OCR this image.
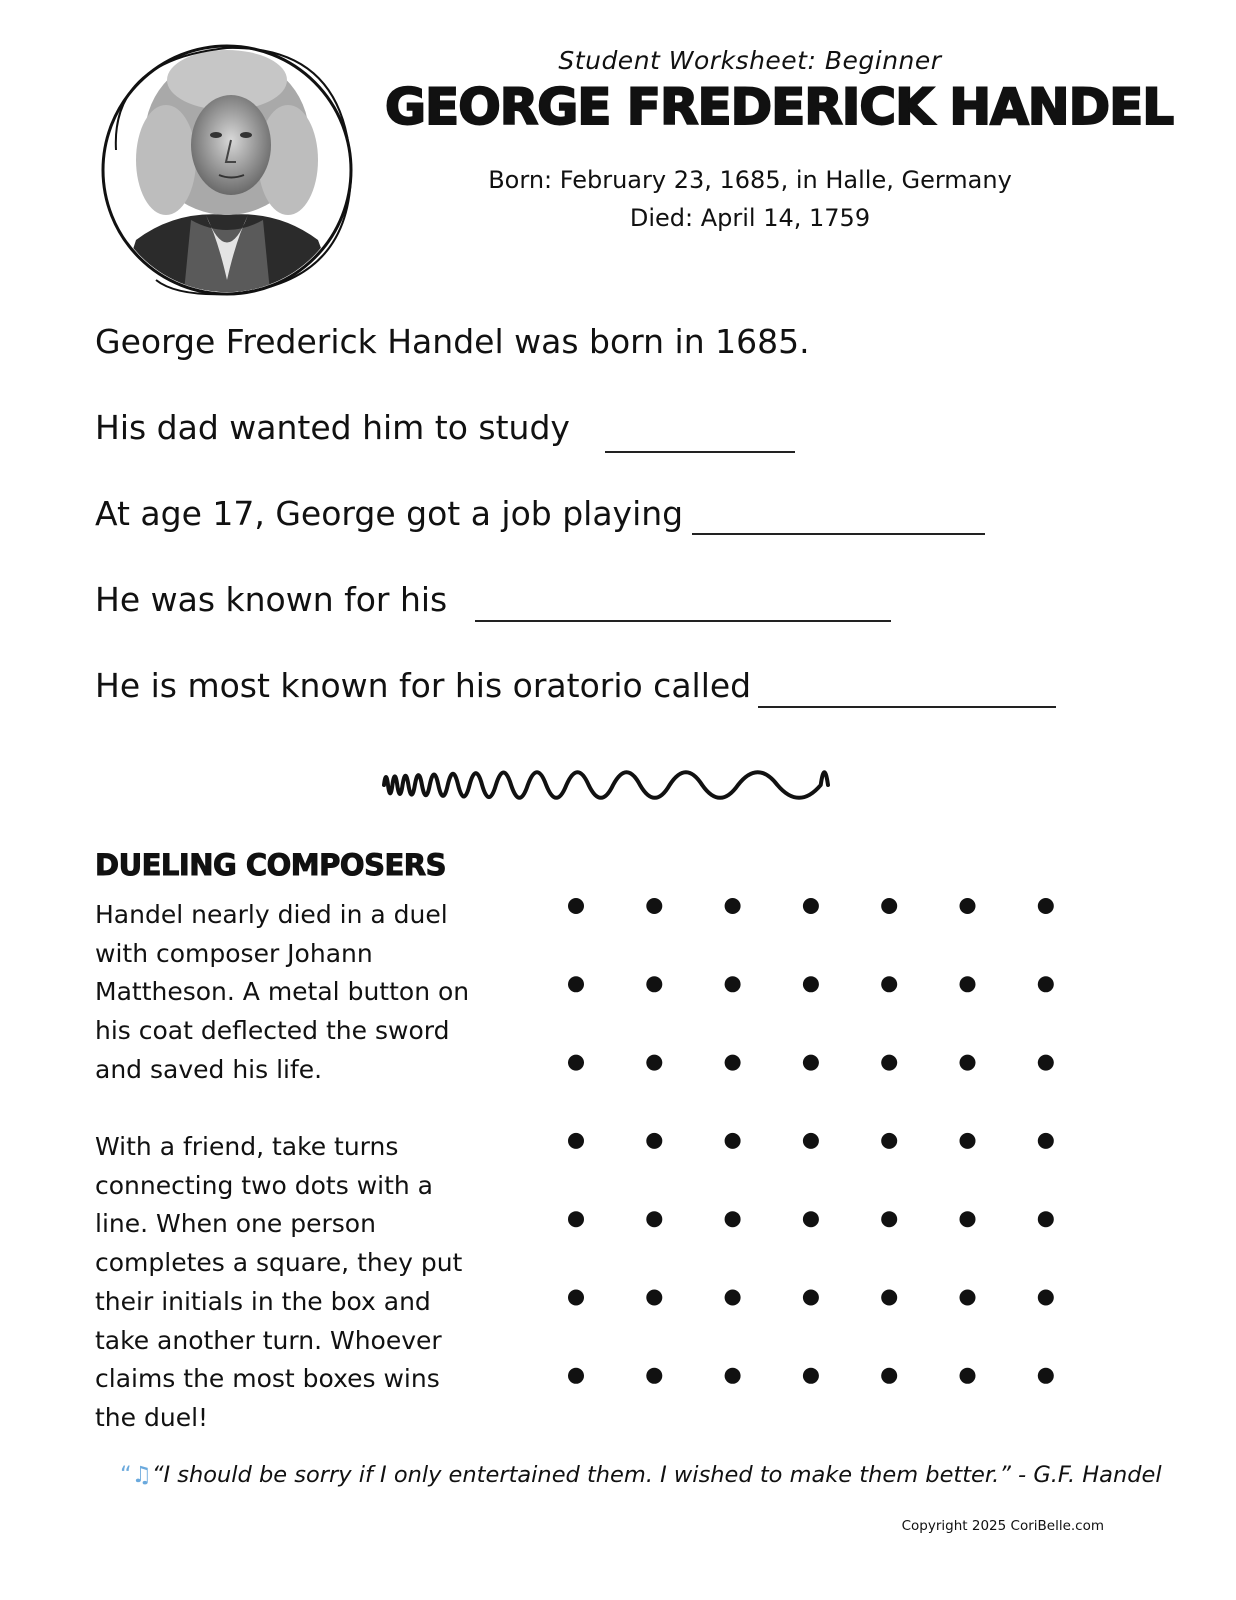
Student Worksheet: Beginner
GEORGE FREDERICK HANDEL
Born: February 23, 1685, in Halle, Germany
Died: April 14, 1759
George Frederick Handel was born in 1685.
His dad wanted him to study
At age 17, George got a job playing
He was known for his
He is most known for his oratorio called
DUELING COMPOSERS
Handel nearly died in a duel with composer Johann Mattheson. A metal button on his coat deflected the sword and saved his life.
With a friend, take turns connecting two dots with a line. When one person completes a square, they put their initials in the box and take another turn. Whoever claims the most boxes wins the duel!
“♫“I should be sorry if I only entertained them. I wished to make them better.” - G.F. Handel
Copyright 2025 CoriBelle.com
